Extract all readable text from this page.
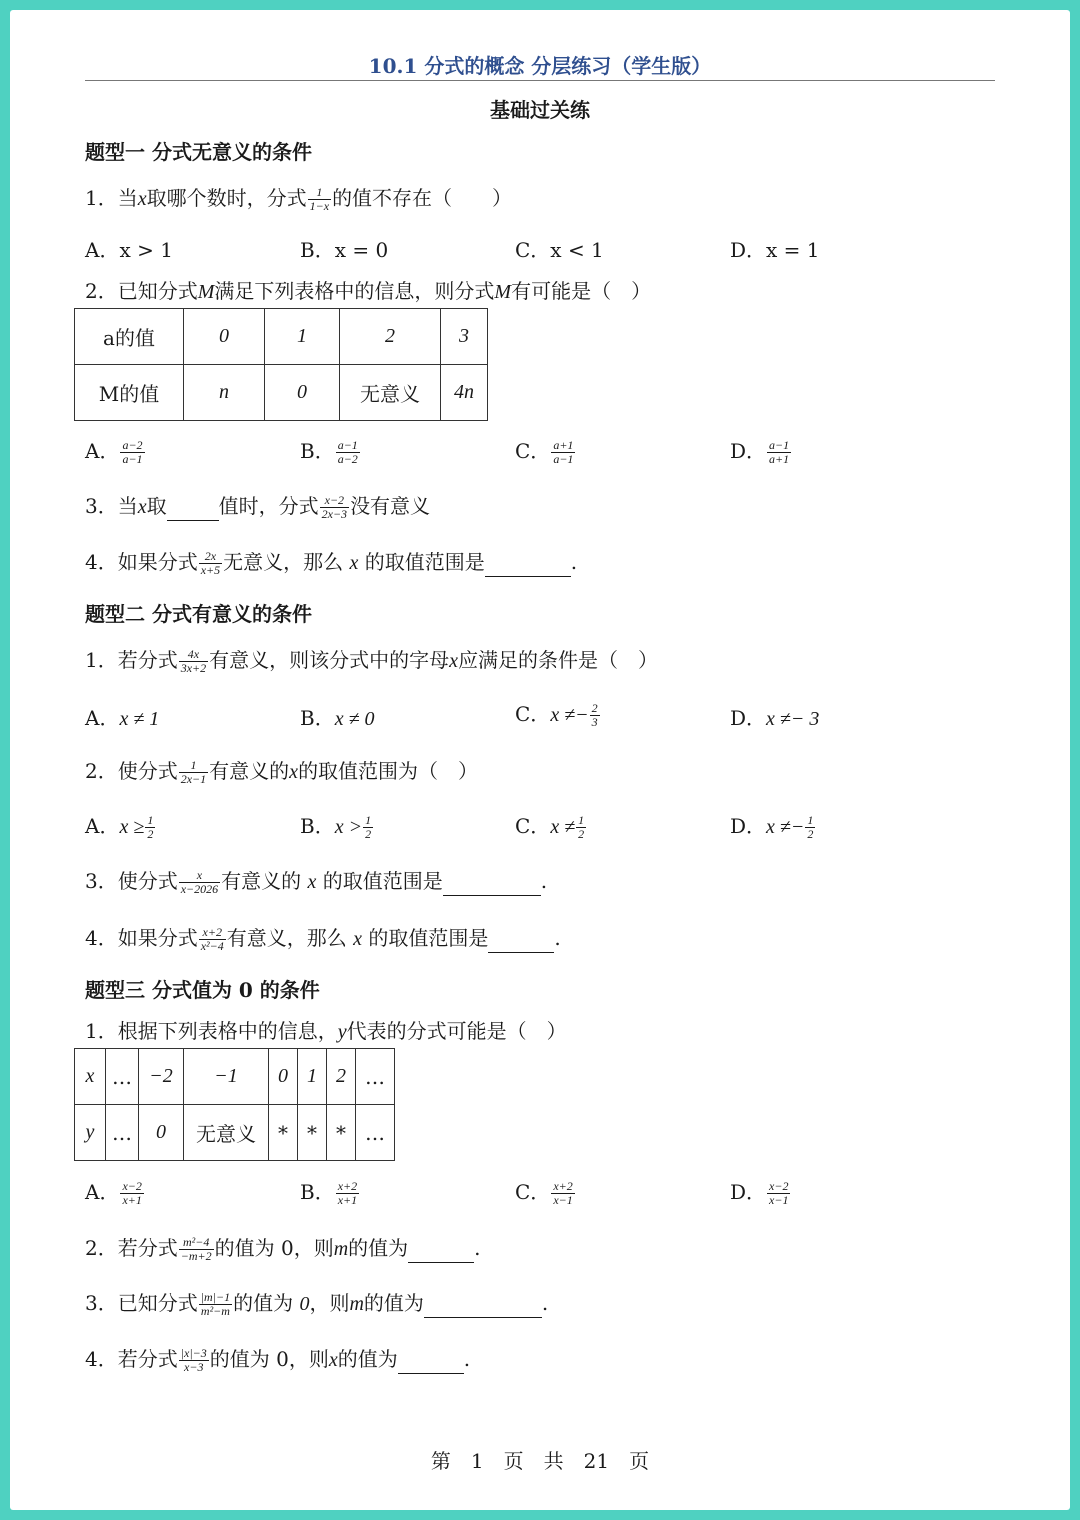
10.1 分式的概念 分层练习（学生版）
基础过关练
题型一 分式无意义的条件
1．当x取哪个数时，分式 $\frac{1}{1-x}$ 的值不存在（　　）
A．x > 1	B．x = 0	C．x < 1	D．x = 1
2．已知分式M满足下列表格中的信息，则分式M有可能是（　）
a的值	0	1	2	3
M的值	n	0	无意义	4n
A． $\frac{a-2}{a-1}$	B． $\frac{a-1}{a-2}$	C． $\frac{a+1}{a-1}$	D． $\frac{a-1}{a+1}$
3．当x取	值时，分式 $\frac{x-2}{2x-3}$ 没有意义
4．如果分式 $\frac{2x}{x+5}$ 无意义，那么 x 的取值范围是	.
题型二 分式有意义的条件
1．若分式 $\frac{4x}{3x+2}$ 有意义，则该分式中的字母x应满足的条件是（　）
A．x ≠ 1	B．x ≠ 0	C．$x \ne- \frac{2}{3}$	D．x ≠− 3
2．使分式 $\frac{1}{2x-1}$ 有意义的x的取值范围为（　）
A．$x \ge \frac{1}{2}$	B．$x > \frac{1}{2}$	C．$x \ne \frac{1}{2}$	D．$x \ne- \frac{1}{2}$
3．使分式 $\frac{x}{x-2026}$ 有意义的 x 的取值范围是	.
4．如果分式 $\frac{x+2}{\text{x²−4}}$ 有意义，那么 x 的取值范围是	.
题型三 分式值为 0 的条件
1．根据下列表格中的信息，y代表的分式可能是（　）
x	…	−2	−1	0	1	2	…
y	…	0	无意义	*	*	*	…
A． $\frac{x-2}{x+1}$	B． $\frac{x+2}{x+1}$	C． $\frac{x+2}{x-1}$	D． $\frac{x-2}{x-1}$
2．若分式 $\frac{\text{m²−4}}{-m+2}$ 的值为 0，则m的值为	.
3．已知分式 $\frac{|m|-1}{\text{m²−m}}$ 的值为 0，则m的值为	.
4．若分式 $\frac{|x|-3}{x-3}$ 的值为 0，则x的值为	.
第　1　页　共　21　页
